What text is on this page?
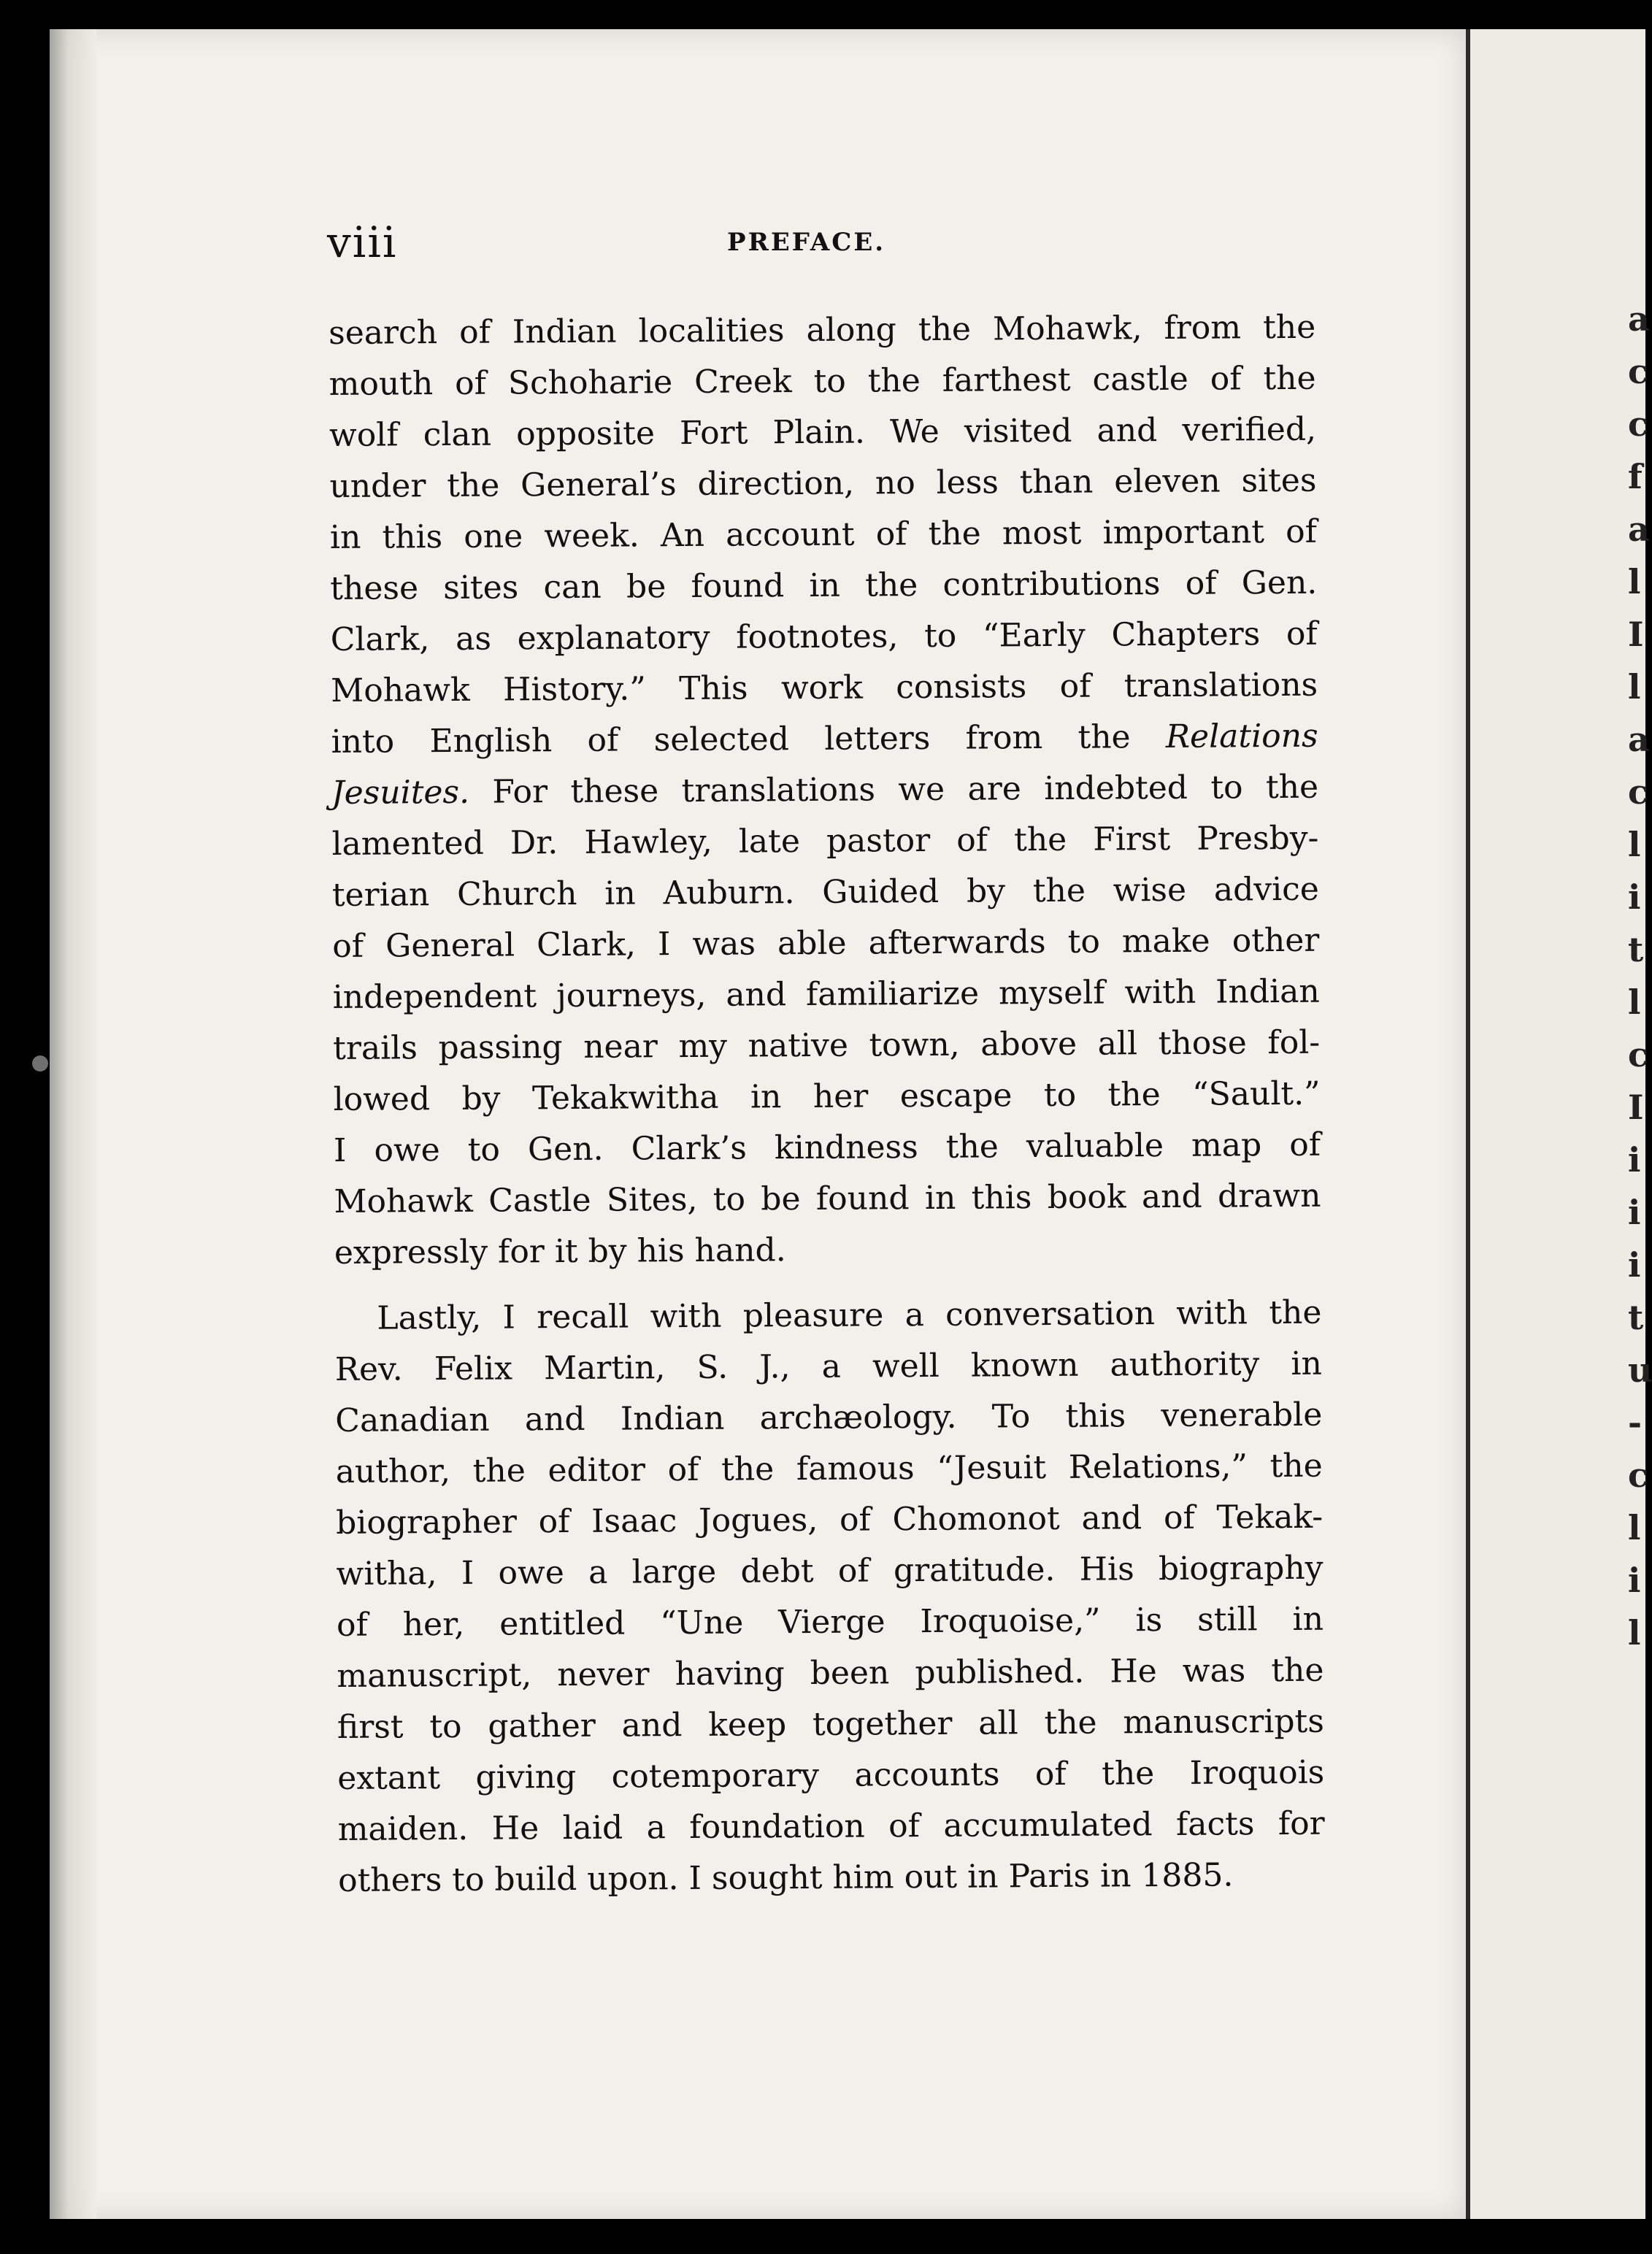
viii	PREFACE.
search of Indian localities along the Mohawk, from the
mouth of Schoharie Creek to the farthest castle of the
wolf clan opposite Fort Plain. We visited and verified,
under the General’s direction, no less than eleven sites
in this one week. An account of the most important of
these sites can be found in the contributions of Gen.
Clark, as explanatory footnotes, to “Early Chapters of
Mohawk History.” This work consists of translations
into English of selected letters from the Relations
Jesuites. For these translations we are indebted to the
lamented Dr. Hawley, late pastor of the First Presby-
terian Church in Auburn. Guided by the wise advice
of General Clark, I was able afterwards to make other
independent journeys, and familiarize myself with Indian
trails passing near my native town, above all those fol-
lowed by Tekakwitha in her escape to the “Sault.”
I owe to Gen. Clark’s kindness the valuable map of
Mohawk Castle Sites, to be found in this book and drawn
expressly for it by his hand.
Lastly, I recall with pleasure a conversation with the
Rev. Felix Martin, S. J., a well known authority in
Canadian and Indian archæology. To this venerable
author, the editor of the famous “Jesuit Relations,” the
biographer of Isaac Jogues, of Chomonot and of Tekak-
witha, I owe a large debt of gratitude. His biography
of her, entitled “Une Vierge Iroquoise,” is still in
manuscript, never having been published. He was the
first to gather and keep together all the manuscripts
extant giving cotemporary accounts of the Iroquois
maiden. He laid a foundation of accumulated facts for
others to build upon. I sought him out in Paris in 1885.
a
c
c
f
a
l
I
l
a
c
l
i
t
l
c
I
i
i
i
t
u
-
c
l
i
l
